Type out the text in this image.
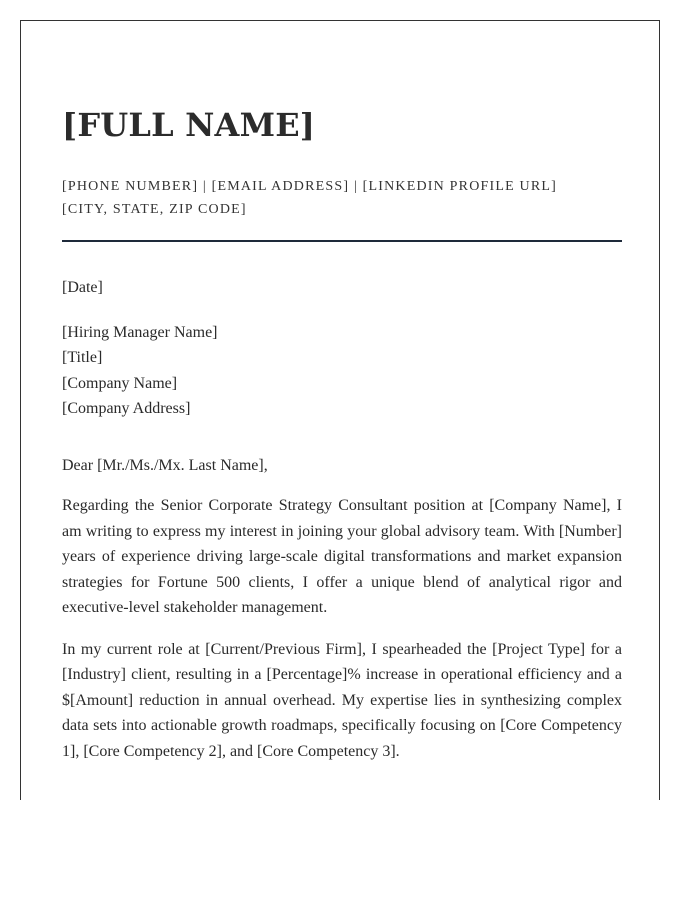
[FULL NAME]
[PHONE NUMBER] | [EMAIL ADDRESS] | [LINKEDIN PROFILE URL]
[CITY, STATE, ZIP CODE]
[Date]
[Hiring Manager Name]
[Title]
[Company Name]
[Company Address]
Dear [Mr./Ms./Mx. Last Name],

Regarding the Senior Corporate Strategy Consultant position at [Company Name], I am writing to express my interest in joining your global advisory team. With [Number] years of experience driving large-scale digital transformations and market expansion strategies for Fortune 500 clients, I offer a unique blend of analytical rigor and executive-level stakeholder management.

In my current role at [Current/Previous Firm], I spearheaded the [Project Type] for a [Industry] client, resulting in a [Percentage]% increase in operational efficiency and a $[Amount] reduction in annual overhead. My expertise lies in synthesizing complex data sets into actionable growth roadmaps, specifically focusing on [Core Competency 1], [Core Competency 2], and [Core Competency 3].
